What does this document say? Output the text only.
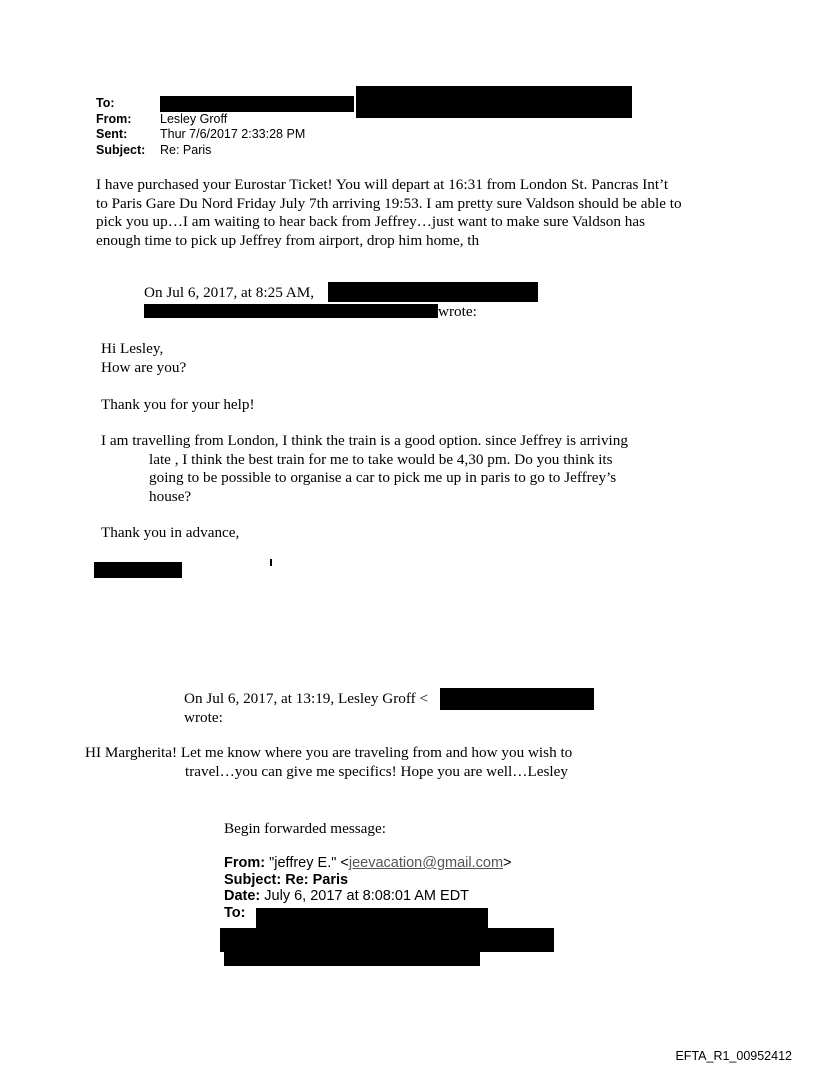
To:
From: Lesley Groff
Sent:	Thur 7/6/2017 2:33:28 PM
Subject: Re: Paris
I have purchased your Eurostar Ticket! You will depart at 16:31 from London St. Pancras Int’t
to Paris Gare Du Nord Friday July 7th arriving 19:53. I am pretty sure Valdson should be able to
pick you up…I am waiting to hear back from Jeffrey…just want to make sure Valdson has
enough time to pick up Jeffrey from airport, drop him home, th
On Jul 6, 2017, at 8:25 AM,
wrote:
Hi Lesley,
How are you?
Thank you for your help!
I am travelling from London, I think the train is a good option. since Jeffrey is arriving
late , I think the best train for me to take would be 4,30 pm. Do you think its
going to be possible to organise a car to pick me up in paris to go to Jeffrey’s
house?
Thank you in advance,
On Jul 6, 2017, at 13:19, Lesley Groff <
wrote:
HI Margherita! Let me know where you are traveling from and how you wish to
travel…you can give me specifics! Hope you are well…Lesley
Begin forwarded message:
From: "jeffrey E." <jeevacation@gmail.com>
Subject: Re: Paris
Date: July 6, 2017 at 8:08:01 AM EDT
To:
EFTA_R1_00952412
